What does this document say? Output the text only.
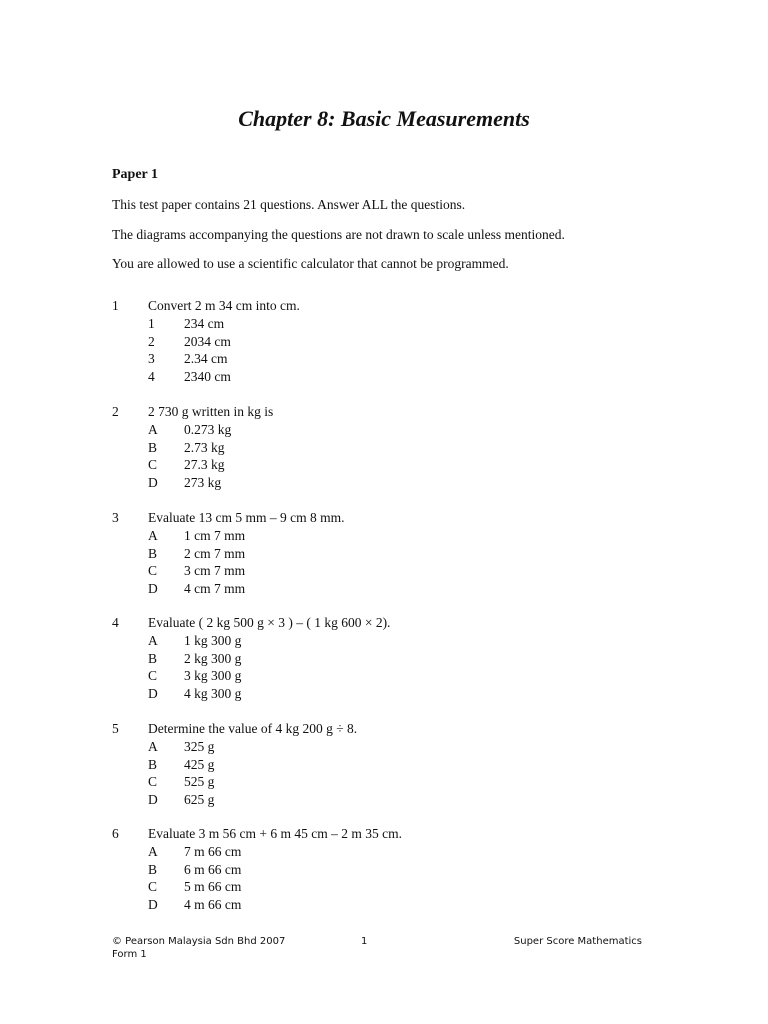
Chapter 8: Basic Measurements
Paper 1
This test paper contains 21 questions. Answer ALL the questions.
The diagrams accompanying the questions are not drawn to scale unless mentioned.
You are allowed to use a scientific calculator that cannot be programmed.
1 Convert 2 m 34 cm into cm.
1 234 cm
2 2034 cm
3 2.34 cm
4 2340 cm
2 2 730 g written in kg is
A 0.273 kg
B 2.73 kg
C 27.3 kg
D 273 kg
3 Evaluate 13 cm 5 mm – 9 cm 8 mm.
A 1 cm 7 mm
B 2 cm 7 mm
C 3 cm 7 mm
D 4 cm 7 mm
4 Evaluate ( 2 kg 500 g × 3 ) – ( 1 kg 600 × 2).
A 1 kg 300 g
B 2 kg 300 g
C 3 kg 300 g
D 4 kg 300 g
5 Determine the value of 4 kg 200 g ÷ 8.
A 325 g
B 425 g
C 525 g
D 625 g
6 Evaluate 3 m 56 cm + 6 m 45 cm – 2 m 35 cm.
A 7 m 66 cm
B 6 m 66 cm
C 5 m 66 cm
D 4 m 66 cm
© Pearson Malaysia Sdn Bhd 2007	1	Super Score Mathematics
Form 1
